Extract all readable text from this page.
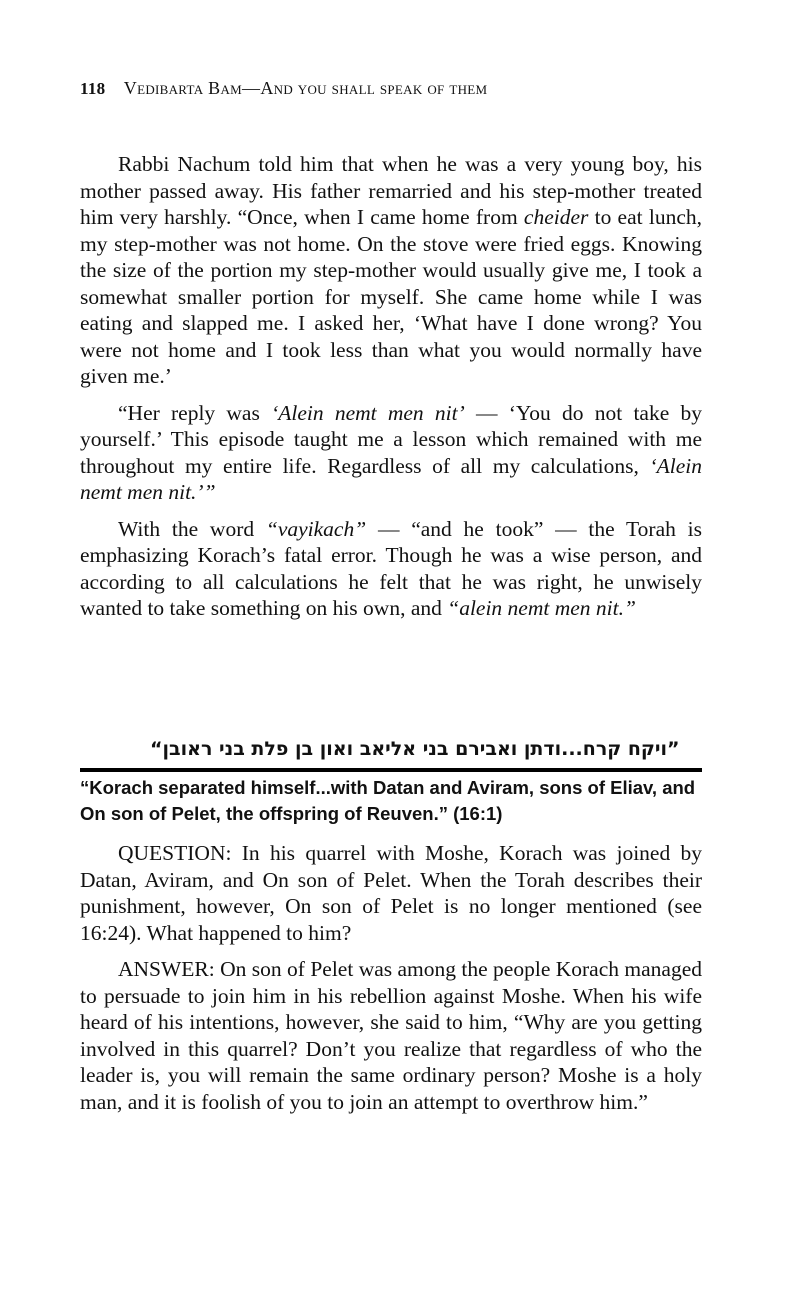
118 Vedibarta Bam—And you shall speak of them

Rabbi Nachum told him that when he was a very young boy, his mother passed away. His father remarried and his step-mother treated him very harshly. “Once, when I came home from cheider to eat lunch, my step-mother was not home. On the stove were fried eggs. Knowing the size of the portion my step-mother would usually give me, I took a somewhat smaller portion for myself. She came home while I was eating and slapped me. I asked her, ‘What have I done wrong? You were not home and I took less than what you would normally have given me.’

“Her reply was ‘Alein nemt men nit’ — ‘You do not take by yourself.’ This episode taught me a lesson which remained with me throughout my entire life. Regardless of all my calculations, ‘Alein nemt men nit.’”

With the word “vayikach” — “and he took” — the Torah is emphasizing Korach’s fatal error. Though he was a wise person, and according to all calculations he felt that he was right, he unwisely wanted to take something on his own, and “alein nemt men nit.”

”ויקח קרח...ודתן ואבירם בני אליאב ואון בן פלת בני ראובן“
“Korach separated himself...with Datan and Aviram, sons of Eliav, and On son of Pelet, the offspring of Reuven.” (16:1)

QUESTION: In his quarrel with Moshe, Korach was joined by Datan, Aviram, and On son of Pelet. When the Torah describes their punishment, however, On son of Pelet is no longer mentioned (see 16:24). What happened to him?

ANSWER: On son of Pelet was among the people Korach managed to persuade to join him in his rebellion against Moshe. When his wife heard of his intentions, however, she said to him, “Why are you getting involved in this quarrel? Don’t you realize that regardless of who the leader is, you will remain the same ordinary person? Moshe is a holy man, and it is foolish of you to join an attempt to overthrow him.”
